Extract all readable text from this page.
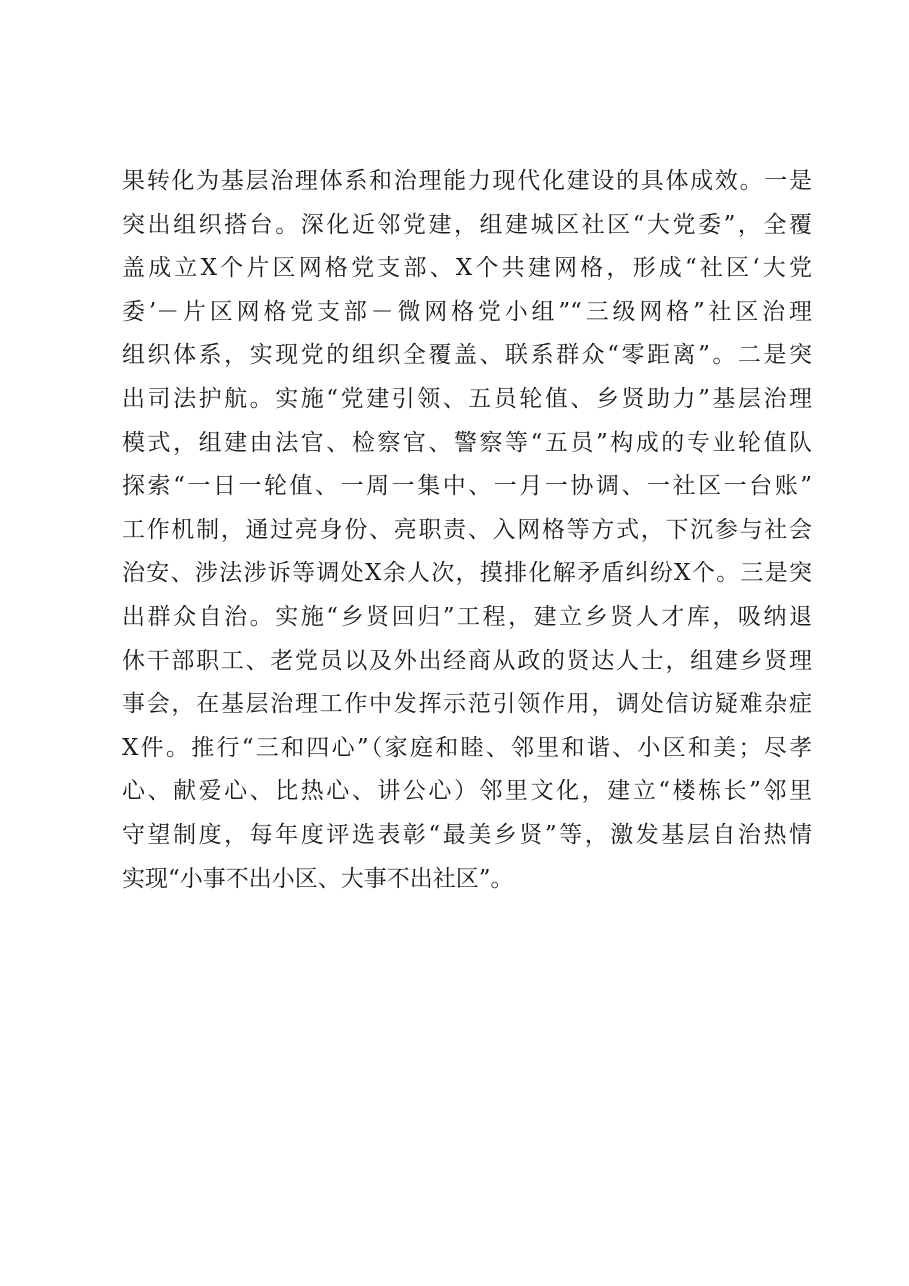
果转化为基层治理体系和治理能力现代化建设的具体成效。一是
突出组织搭台。深化近邻党建，组建城区社区“大党委”，全覆
盖成立X个片区网格党支部、X个共建网格，形成“社区‘大党
委’－片区网格党支部－微网格党小组”“三级网格”社区治理
组织体系，实现党的组织全覆盖、联系群众“零距离”。二是突
出司法护航。实施“党建引领、五员轮值、乡贤助力”基层治理
模式，组建由法官、检察官、警察等“五员”构成的专业轮值队
探索“一日一轮值、一周一集中、一月一协调、一社区一台账”
工作机制，通过亮身份、亮职责、入网格等方式，下沉参与社会
治安、涉法涉诉等调处X余人次，摸排化解矛盾纠纷X个。三是突
出群众自治。实施“乡贤回归”工程，建立乡贤人才库，吸纳退
休干部职工、老党员以及外出经商从政的贤达人士，组建乡贤理
事会，在基层治理工作中发挥示范引领作用，调处信访疑难杂症
X件。推行“三和四心”（家庭和睦、邻里和谐、小区和美；尽孝
心、献爱心、比热心、讲公心）邻里文化，建立“楼栋长”邻里
守望制度，每年度评选表彰“最美乡贤”等，激发基层自治热情
实现“小事不出小区、大事不出社区”。
